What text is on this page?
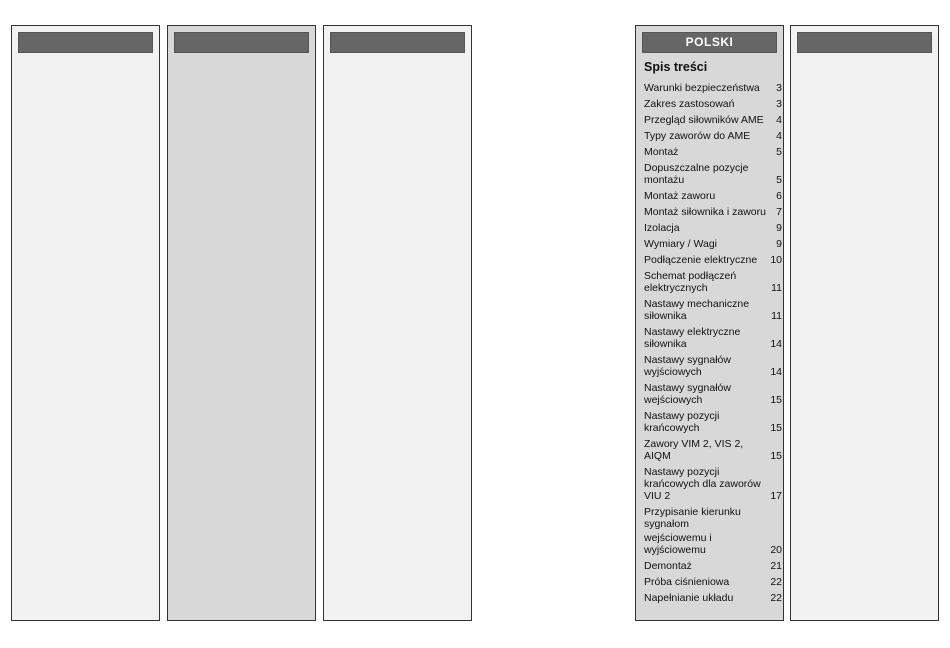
POLSKI
Spis treści
Warunki bezpieczeństwa	3
Zakres zastosowań	3
Przegląd siłowników AME	4
Typy zaworów do AME	4
Montaż	5
Dopuszczalne pozycje montażu	5
Montaż zaworu	6
Montaż siłownika i zaworu 7
Izolacja	9
Wymiary / Wagi	9
Podłączenie elektryczne	10
Schemat podłączeń elektrycznych	11
Nastawy mechaniczne siłownika	11
Nastawy elektryczne siłownika	14
Nastawy sygnałów wyjściowych	14
Nastawy sygnałów wejściowych	15
Nastawy pozycji krańcowych	15
Zawory VIM 2, VIS 2, AIQM	15
Nastawy pozycji krańcowych dla zaworów VIU 2	17
Przypisanie kierunku sygnałom
wejściowemu i wyjściowemu	20
Demontaż	21
Próba ciśnieniowa	22
Napełnianie układu	22
